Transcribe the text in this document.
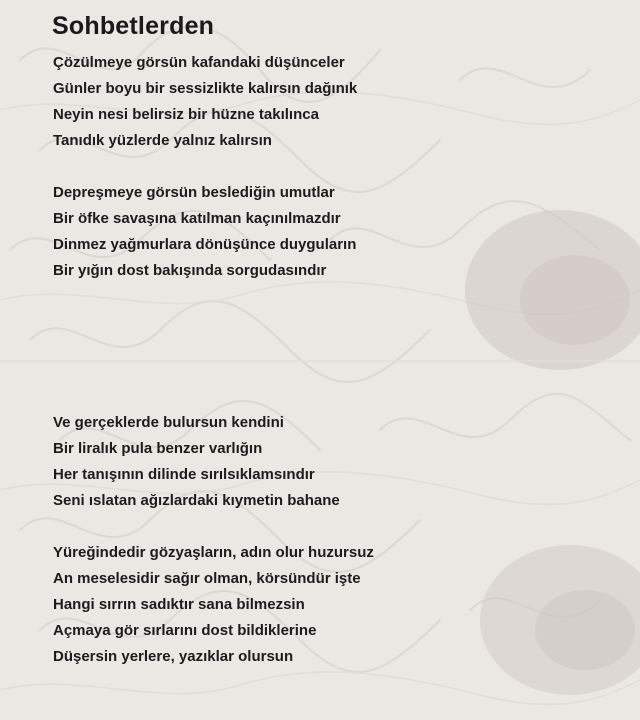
Sohbetlerden
Çözülmeye görsün kafandaki düşünceler
Günler boyu bir sessizlikte kalırsın dağınık
Neyin nesi belirsiz bir hüzne takılınca
Tanıdık yüzlerde yalnız kalırsın
Depreşmeye görsün beslediğin umutlar
Bir öfke savaşına katılman kaçınılmazdır
Dinmez yağmurlara dönüşünce duyguların
Bir yığın dost bakışında sorgudasındır
Ve gerçeklerde bulursun kendini
Bir liralık pula benzer varlığın
Her tanışının dilinde sırılsıklamsındır
Seni ıslatan ağızlardaki kıymetin bahane
Yüreğindedir gözyaşların, adın olur huzursuz
An meselesidir sağır olman, körsündür işte
Hangi sırrın sadıktır sana bilmezsin
Açmaya gör sırlarını dost bildiklerine
Düşersin yerlere, yazıklar olursun
